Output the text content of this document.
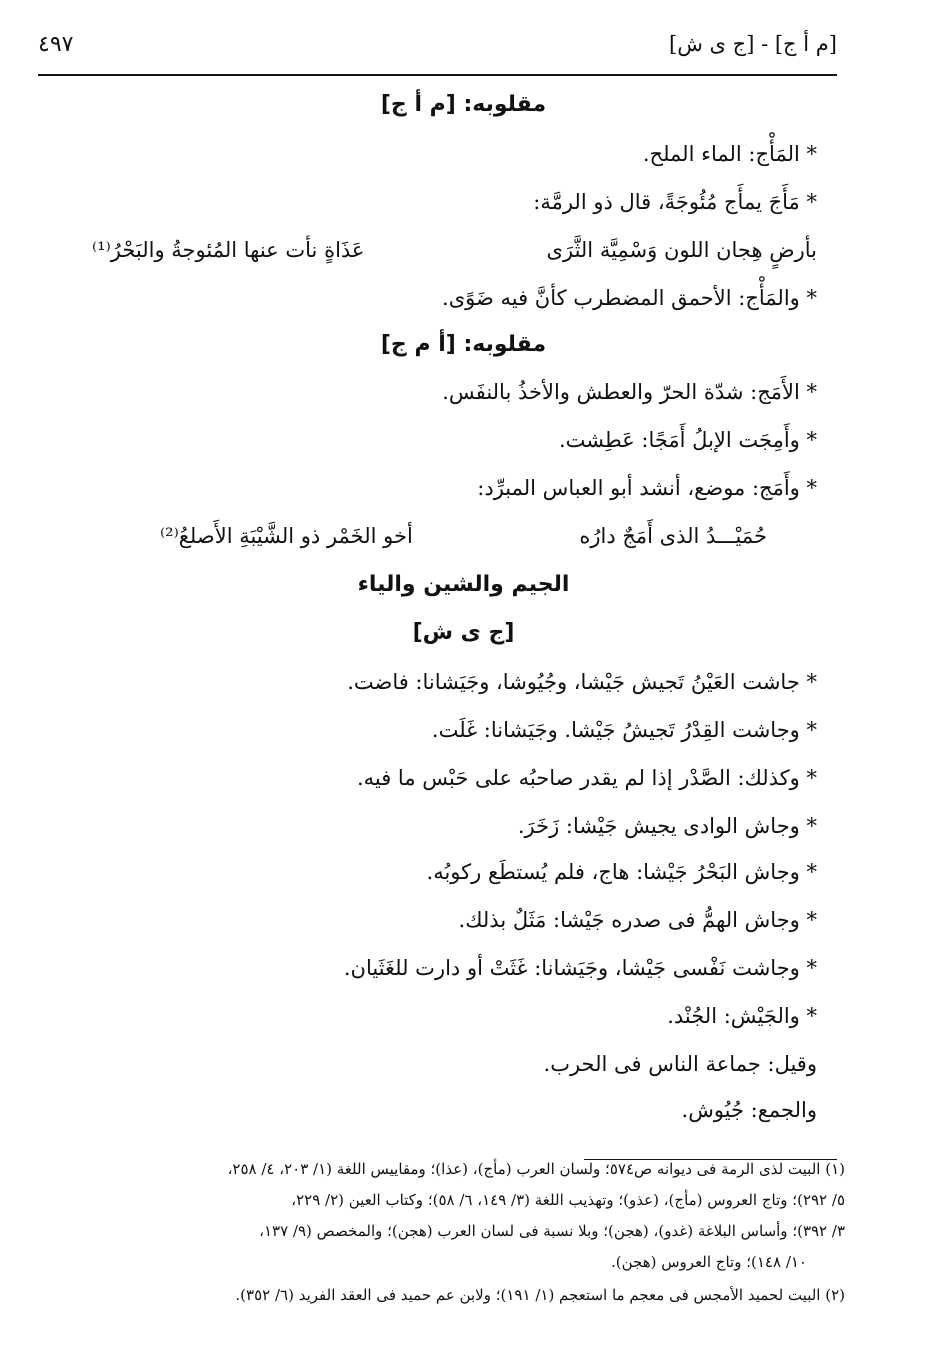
[م أ ج] - [ج ى ش]
٤٩٧
مقلوبه: [م أ ج]
* المَأْج: الماء الملح.
* مَأَجَ يمأَج مُئُوجَةً، قال ذو الرمَّة:
بأرضٍ هِجان اللون وَسْمِيَّة الثَّرَى
عَذَاةٍ نأت عنها المُئوجةُ والبَحْرُ⁽¹⁾
* والمَأْج: الأحمق المضطرب كأنَّ فيه ضَوًى.
مقلوبه: [أ م ج]
* الأَمَج: شدّة الحرّ والعطش والأخذُ بالنفَس.
* وأَمِجَت الإبلُ أَمَجًا: عَطِشت.
* وأَمَج: موضع، أنشد أبو العباس المبرِّد:
حُمَيْـــدُ الذى أَمَجٌ دارُه
أخو الخَمْر ذو الشَّيْبَةِ الأَصلعُ⁽²⁾
الجيم والشين والياء
[ج ى ش]
* جاشت العَيْنُ تَجيش جَيْشا، وجُيُوشا، وجَيَشانا: فاضت.
* وجاشت القِدْرُ تَجيشُ جَيْشا. وجَيَشانا: غَلَت.
* وكذلك: الصَّدْر إذا لم يقدر صاحبُه على حَبْس ما فيه.
* وجاش الوادى يجيش جَيْشا: زَخَرَ.
* وجاش البَحْرُ جَيْشا: هاج، فلم يُستطَع ركوبُه.
* وجاش الهمُّ فى صدره جَيْشا: مَثَلٌ بذلك.
* وجاشت نَفْسى جَيْشا، وجَيَشانا: غَثَتْ أو دارت للغَثَيان.
* والجَيْش: الجُنْد.
وقيل: جماعة الناس فى الحرب.
والجمع: جُيُوش.
(١) البيت لذى الرمة فى ديوانه ص٥٧٤؛ ولسان العرب (مأج)، (عذا)؛ ومقاييس اللغة (١/ ٢٠٣، ٤/ ٢٥٨،
٥/ ٢٩٢)؛ وتاج العروس (مأج)، (عذو)؛ وتهذيب اللغة (٣/ ١٤٩، ٦/ ٥٨)؛ وكتاب العين (٢/ ٢٢٩،
٣/ ٣٩٢)؛ وأساس البلاغة (غدو)، (هجن)؛ وبلا نسبة فى لسان العرب (هجن)؛ والمخصص (٩/ ١٣٧،
١٠/ ١٤٨)؛ وتاج العروس (هجن).
(٢) البيت لحميد الأمجس فى معجم ما استعجم (١/ ١٩١)؛ ولابن عم حميد فى العقد الفريد (٦/ ٣٥٢).
